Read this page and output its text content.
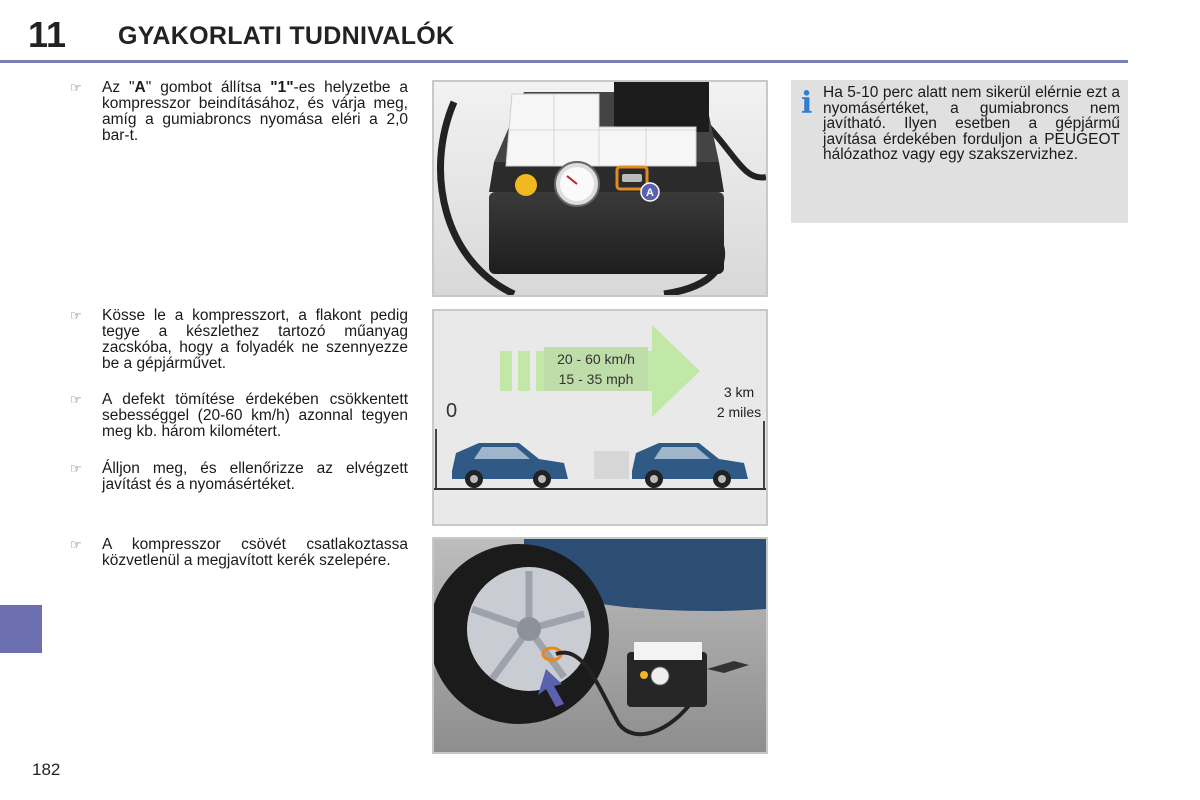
11 GYAKORLATI TUDNIVALÓK
182
☞ Az "A" gombot állítsa "1"-es helyzetbe a kompresszor beindításához, és várja meg, amíg a gumiabroncs nyomása eléri a 2,0 bar-t.
☞ Kösse le a kompresszort, a flakont pedig tegye a készlethez tartozó műanyag zacskóba, hogy a folyadék ne szennyezze be a gépjárművet.
☞ A defekt tömítése érdekében csökkentett sebességgel (20-60 km/h) azonnal tegyen meg kb. három kilométert.
☞ Álljon meg, és ellenőrizze az elvégzett javítást és a nyomásértéket.
☞ A kompresszor csövét csatlakoztassa közvetlenül a megjavított kerék szelepére.
A
20 - 60 km/h
15 - 35 mph
0
3 km
2 miles
i Ha 5-10 perc alatt nem sikerül elérnie ezt a nyomásértéket, a gumiabroncs nem javítható. Ilyen esetben a gépjármű javítása érdekében forduljon a PEUGEOT hálózathoz vagy egy szakszervizhez.
